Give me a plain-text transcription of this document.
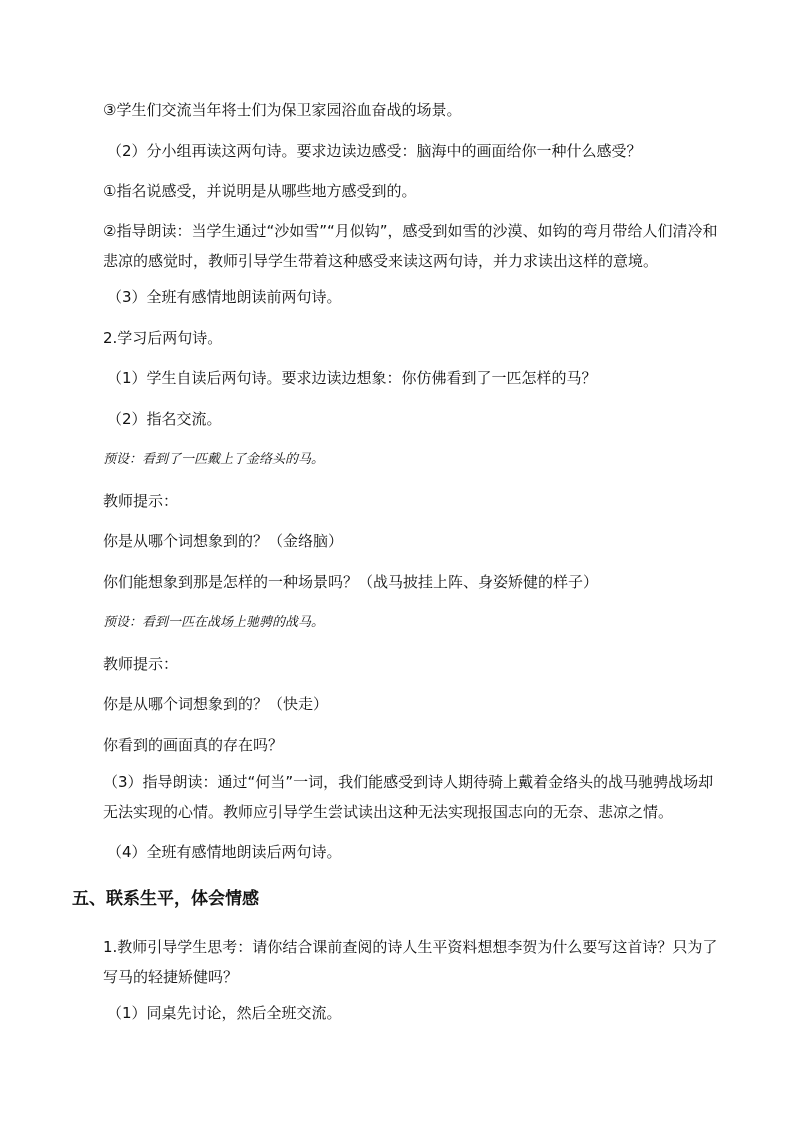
③学生们交流当年将士们为保卫家园浴血奋战的场景。
（2）分小组再读这两句诗。要求边读边感受：脑海中的画面给你一种什么感受？
①指名说感受，并说明是从哪些地方感受到的。
②指导朗读：当学生通过“沙如雪”“月似钩”，感受到如雪的沙漠、如钩的弯月带给人们清冷和悲凉的感觉时，教师引导学生带着这种感受来读这两句诗，并力求读出这样的意境。
（3）全班有感情地朗读前两句诗。
2.学习后两句诗。
（1）学生自读后两句诗。要求边读边想象：你仿佛看到了一匹怎样的马？
（2）指名交流。
预设：看到了一匹戴上了金络头的马。
教师提示：
你是从哪个词想象到的？（金络脑）
你们能想象到那是怎样的一种场景吗？（战马披挂上阵、身姿矫健的样子）
预设：看到一匹在战场上驰骋的战马。
教师提示：
你是从哪个词想象到的？（快走）
你看到的画面真的存在吗？
（3）指导朗读：通过“何当”一词，我们能感受到诗人期待骑上戴着金络头的战马驰骋战场却无法实现的心情。教师应引导学生尝试读出这种无法实现报国志向的无奈、悲凉之情。
（4）全班有感情地朗读后两句诗。
五、联系生平，体会情感
1.教师引导学生思考：请你结合课前查阅的诗人生平资料想想李贺为什么要写这首诗？只为了写马的轻捷矫健吗？
（1）同桌先讨论，然后全班交流。
